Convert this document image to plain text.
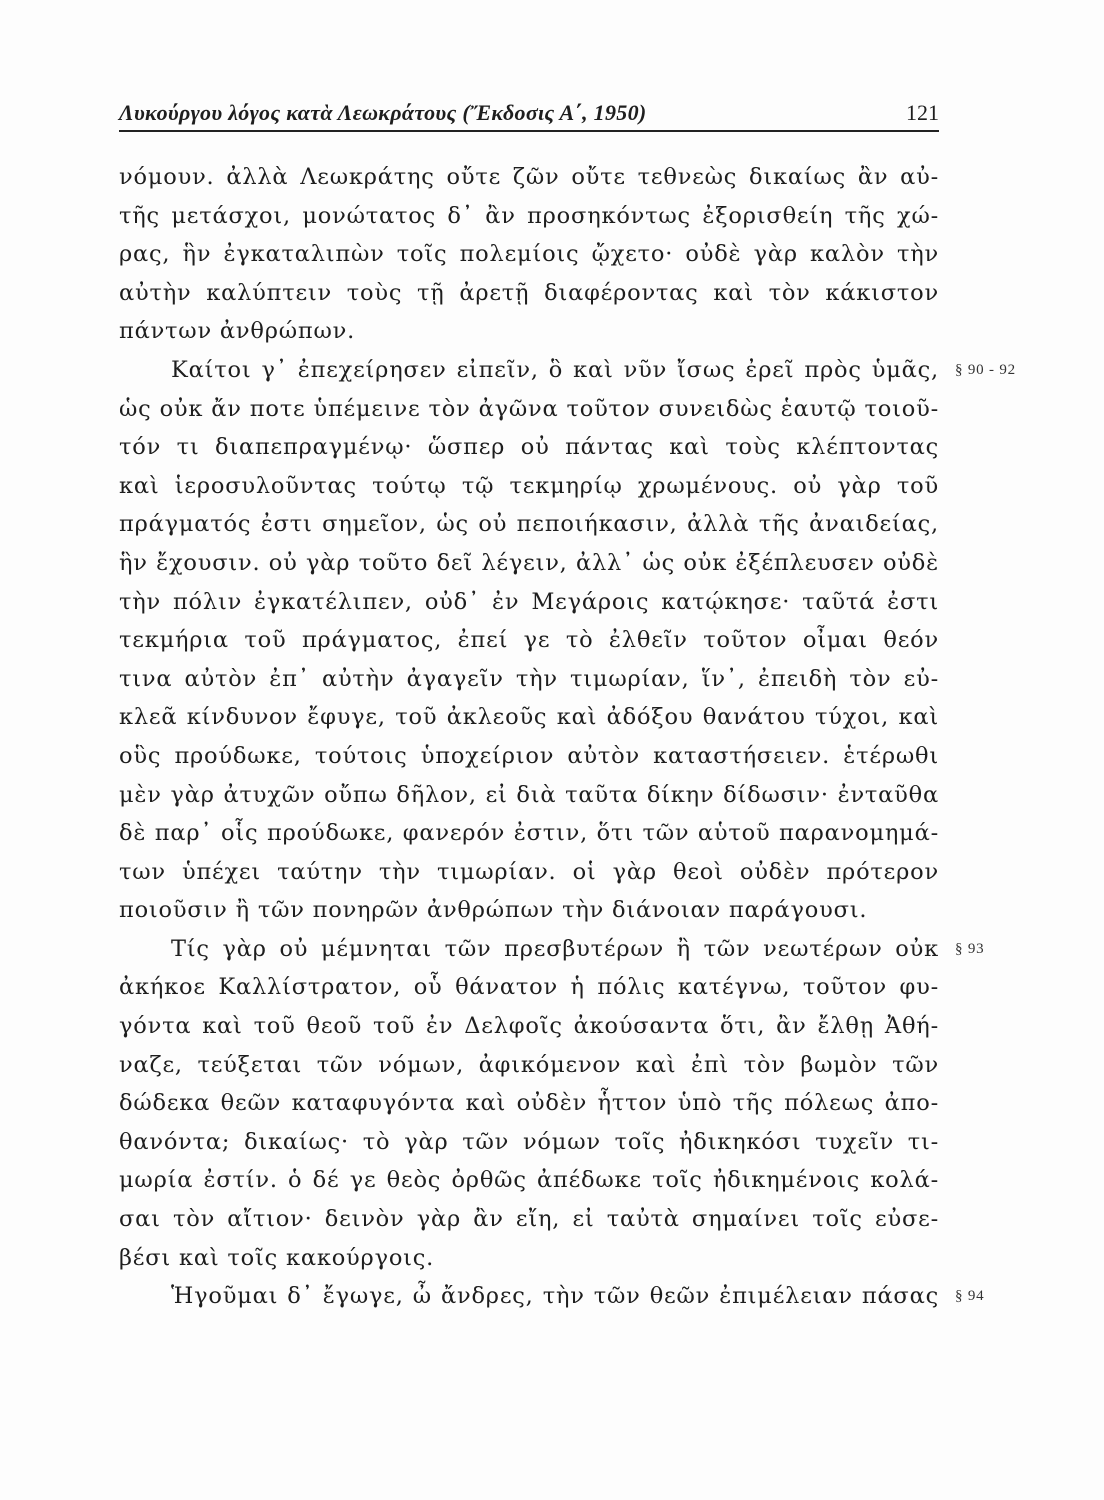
Λυκούργου λόγος κατὰ Λεωκράτους (Ἔκδοσις Α΄, 1950)	121
νόμουν. ἀλλὰ Λεωκράτης οὔτε ζῶν οὔτε τεθνεὼς δικαίως ἂν αὐ-
τῆς μετάσχοι, μονώτατος δ᾽ ἂν προσηκόντως ἐξορισθείη τῆς χώ-
ρας, ἣν ἐγκαταλιπὼν τοῖς πολεμίοις ᾤχετο· οὐδὲ γὰρ καλὸν τὴν
αὐτὴν καλύπτειν τοὺς τῇ ἀρετῇ διαφέροντας καὶ τὸν κάκιστον
πάντων ἀνθρώπων.
Καίτοι γ᾽ ἐπεχείρησεν εἰπεῖν, ὃ καὶ νῦν ἴσως ἐρεῖ πρὸς ὑμᾶς, § 90 - 92
ὡς οὐκ ἄν ποτε ὑπέμεινε τὸν ἀγῶνα τοῦτον συνειδὼς ἑαυτῷ τοιοῦ-
τόν τι διαπεπραγμένῳ· ὥσπερ οὐ πάντας καὶ τοὺς κλέπτοντας
καὶ ἱεροσυλοῦντας τούτῳ τῷ τεκμηρίῳ χρωμένους. οὐ γὰρ τοῦ
πράγματός ἐστι σημεῖον, ὡς οὐ πεποιήκασιν, ἀλλὰ τῆς ἀναιδείας,
ἣν ἔχουσιν. οὐ γὰρ τοῦτο δεῖ λέγειν, ἀλλ᾽ ὡς οὐκ ἐξέπλευσεν οὐδὲ
τὴν πόλιν ἐγκατέλιπεν, οὐδ᾽ ἐν Μεγάροις κατῴκησε· ταῦτά ἐστι
τεκμήρια τοῦ πράγματος, ἐπεί γε τὸ ἐλθεῖν τοῦτον οἶμαι θεόν
τινα αὐτὸν ἐπ᾽ αὐτὴν ἀγαγεῖν τὴν τιμωρίαν, ἵν᾽, ἐπειδὴ τὸν εὐ-
κλεᾶ κίνδυνον ἔφυγε, τοῦ ἀκλεοῦς καὶ ἀδόξου θανάτου τύχοι, καὶ
οὓς προύδωκε, τούτοις ὑποχείριον αὐτὸν καταστήσειεν. ἑτέρωθι
μὲν γὰρ ἀτυχῶν οὔπω δῆλον, εἰ διὰ ταῦτα δίκην δίδωσιν· ἐνταῦθα
δὲ παρ᾽ οἷς προύδωκε, φανερόν ἐστιν, ὅτι τῶν αὑτοῦ παρανομημά-
των ὑπέχει ταύτην τὴν τιμωρίαν. οἱ γὰρ θεοὶ οὐδὲν πρότερον
ποιοῦσιν ἢ τῶν πονηρῶν ἀνθρώπων τὴν διάνοιαν παράγουσι.
Τίς γὰρ οὐ μέμνηται τῶν πρεσβυτέρων ἢ τῶν νεωτέρων οὐκ § 93
ἀκήκοε Καλλίστρατον, οὗ θάνατον ἡ πόλις κατέγνω, τοῦτον φυ-
γόντα καὶ τοῦ θεοῦ τοῦ ἐν Δελφοῖς ἀκούσαντα ὅτι, ἂν ἔλθῃ Ἀθή-
ναζε, τεύξεται τῶν νόμων, ἀφικόμενον καὶ ἐπὶ τὸν βωμὸν τῶν
δώδεκα θεῶν καταφυγόντα καὶ οὐδὲν ἧττον ὑπὸ τῆς πόλεως ἀπο-
θανόντα; δικαίως· τὸ γὰρ τῶν νόμων τοῖς ἠδικηκόσι τυχεῖν τι-
μωρία ἐστίν. ὁ δέ γε θεὸς ὀρθῶς ἀπέδωκε τοῖς ἠδικημένοις κολά-
σαι τὸν αἴτιον· δεινὸν γὰρ ἂν εἴη, εἰ ταὐτὰ σημαίνει τοῖς εὐσε-
βέσι καὶ τοῖς κακούργοις.
Ἡγοῦμαι δ᾽ ἔγωγε, ὦ ἄνδρες, τὴν τῶν θεῶν ἐπιμέλειαν πάσας § 94
